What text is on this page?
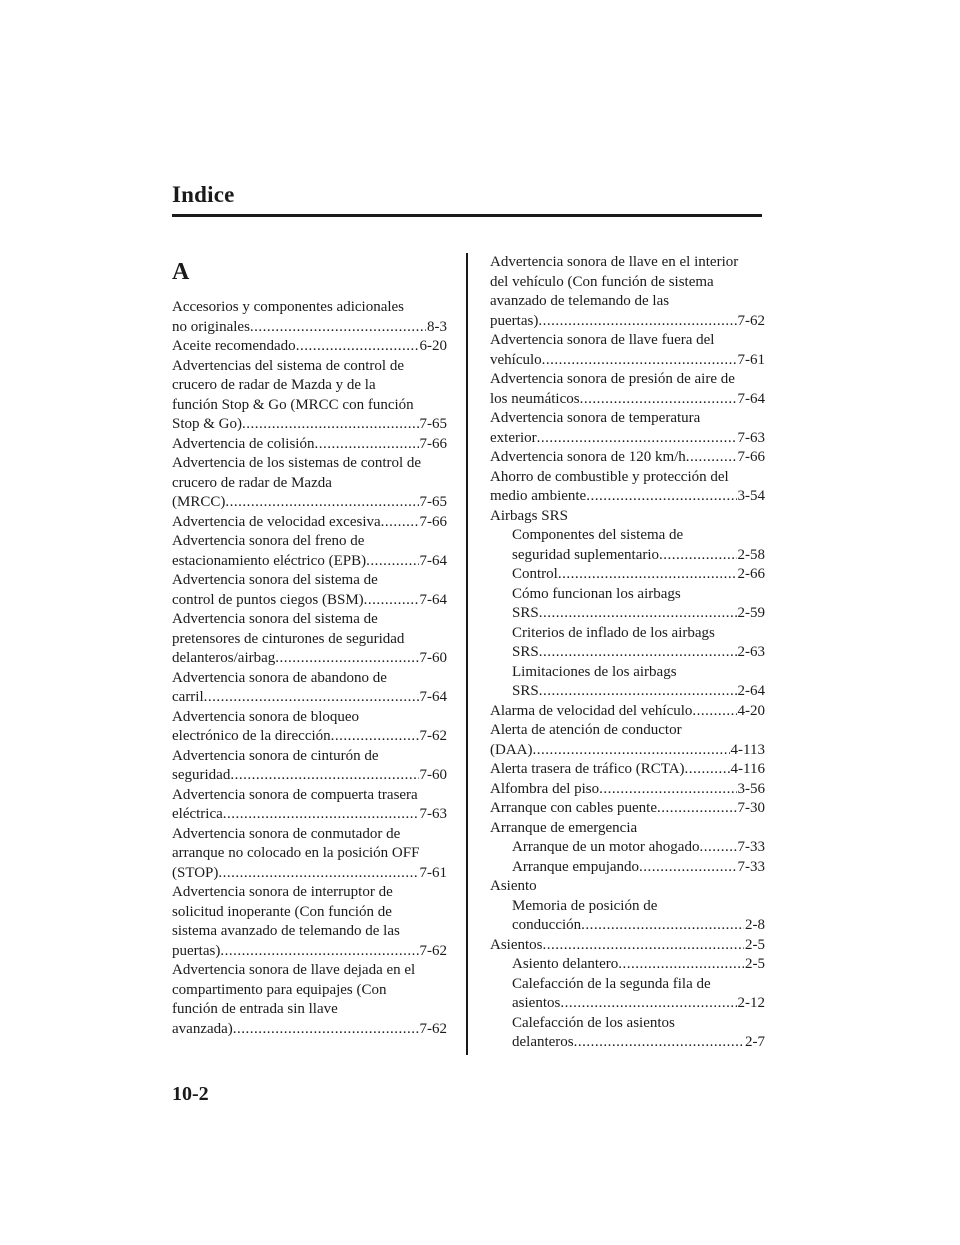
Indice
A
Accesorios y componentes adicionales
no originales .....	8-3
Aceite recomendado .....	6-20
Advertencias del sistema de control de
crucero de radar de Mazda y de la
función Stop & Go (MRCC con función
Stop & Go) .....	7-65
Advertencia de colisión .....	7-66
Advertencia de los sistemas de control de
crucero de radar de Mazda
(MRCC) .....	7-65
Advertencia de velocidad excesiva .....	7-66
Advertencia sonora del freno de
estacionamiento eléctrico (EPB) .....	7-64
Advertencia sonora del sistema de
control de puntos ciegos (BSM) .....	7-64
Advertencia sonora del sistema de
pretensores de cinturones de seguridad
delanteros/airbag .....	7-60
Advertencia sonora de abandono de
carril .....	7-64
Advertencia sonora de bloqueo
electrónico de la dirección .....	7-62
Advertencia sonora de cinturón de
seguridad .....	7-60
Advertencia sonora de compuerta trasera
eléctrica .....	7-63
Advertencia sonora de conmutador de
arranque no colocado en la posición OFF
(STOP) .....	7-61
Advertencia sonora de interruptor de
solicitud inoperante (Con función de
sistema avanzado de telemando de las
puertas) .....	7-62
Advertencia sonora de llave dejada en el
compartimento para equipajes (Con
función de entrada sin llave
avanzada) .....	7-62
Advertencia sonora de llave en el interior
del vehículo (Con función de sistema
avanzado de telemando de las
puertas) .....	7-62
Advertencia sonora de llave fuera del
vehículo .....	7-61
Advertencia sonora de presión de aire de
los neumáticos .....	7-64
Advertencia sonora de temperatura
exterior .....	7-63
Advertencia sonora de 120 km/h .....	7-66
Ahorro de combustible y protección del
medio ambiente .....	3-54
Airbags SRS
Componentes del sistema de
seguridad suplementario .....	2-58
Control .....	2-66
Cómo funcionan los airbags
SRS .....	2-59
Criterios de inflado de los airbags
SRS .....	2-63
Limitaciones de los airbags
SRS .....	2-64
Alarma de velocidad del vehículo .....	4-20
Alerta de atención de conductor
(DAA) .....	4-113
Alerta trasera de tráfico (RCTA) .....	4-116
Alfombra del piso .....	3-56
Arranque con cables puente .....	7-30
Arranque de emergencia
Arranque de un motor ahogado .....	7-33
Arranque empujando .....	7-33
Asiento
Memoria de posición de
conducción .....	2-8
Asientos .....	2-5
Asiento delantero .....	2-5
Calefacción de la segunda fila de
asientos .....	2-12
Calefacción de los asientos
delanteros .....	2-7
10-2
